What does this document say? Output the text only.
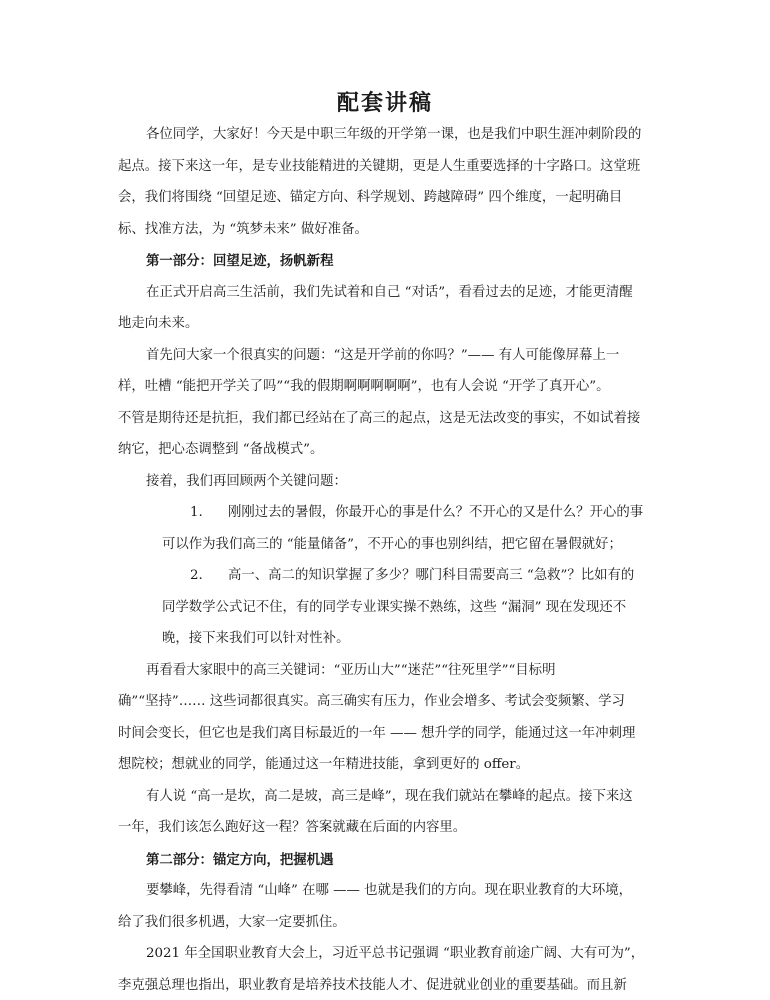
配套讲稿
各位同学，大家好！今天是中职三年级的开学第一课，也是我们中职生涯冲刺阶段的
起点。接下来这一年，是专业技能精进的关键期，更是人生重要选择的十字路口。这堂班
会，我们将围绕 “回望足迹、锚定方向、科学规划、跨越障碍” 四个维度，一起明确目
标、找准方法，为 “筑梦未来” 做好准备。
第一部分：回望足迹，扬帆新程
在正式开启高三生活前，我们先试着和自己 “对话”，看看过去的足迹，才能更清醒
地走向未来。
首先问大家一个很真实的问题：“这是开学前的你吗？”—— 有人可能像屏幕上一
样，吐槽 “能把开学关了吗”“我的假期啊啊啊啊啊”，也有人会说 “开学了真开心”。
不管是期待还是抗拒，我们都已经站在了高三的起点，这是无法改变的事实，不如试着接
纳它，把心态调整到 “备战模式”。
接着，我们再回顾两个关键问题：
1. 刚刚过去的暑假，你最开心的事是什么？不开心的又是什么？开心的事
可以作为我们高三的 “能量储备”，不开心的事也别纠结，把它留在暑假就好；
2. 高一、高二的知识掌握了多少？哪门科目需要高三 “急救”？比如有的
同学数学公式记不住，有的同学专业课实操不熟练，这些 “漏洞” 现在发现还不
晚，接下来我们可以针对性补。
再看看大家眼中的高三关键词：“亚历山大”“迷茫”“往死里学”“目标明
确”“坚持”…… 这些词都很真实。高三确实有压力，作业会增多、考试会变频繁、学习
时间会变长，但它也是我们离目标最近的一年 —— 想升学的同学，能通过这一年冲刺理
想院校；想就业的同学，能通过这一年精进技能，拿到更好的 offer。
有人说 “高一是坎，高二是坡，高三是峰”，现在我们就站在攀峰的起点。接下来这
一年，我们该怎么跑好这一程？答案就藏在后面的内容里。
第二部分：锚定方向，把握机遇
要攀峰，先得看清 “山峰” 在哪 —— 也就是我们的方向。现在职业教育的大环境，
给了我们很多机遇，大家一定要抓住。
2021 年全国职业教育大会上，习近平总书记强调 “职业教育前途广阔、大有可为”，
李克强总理也指出，职业教育是培养技术技能人才、促进就业创业的重要基础。而且新
